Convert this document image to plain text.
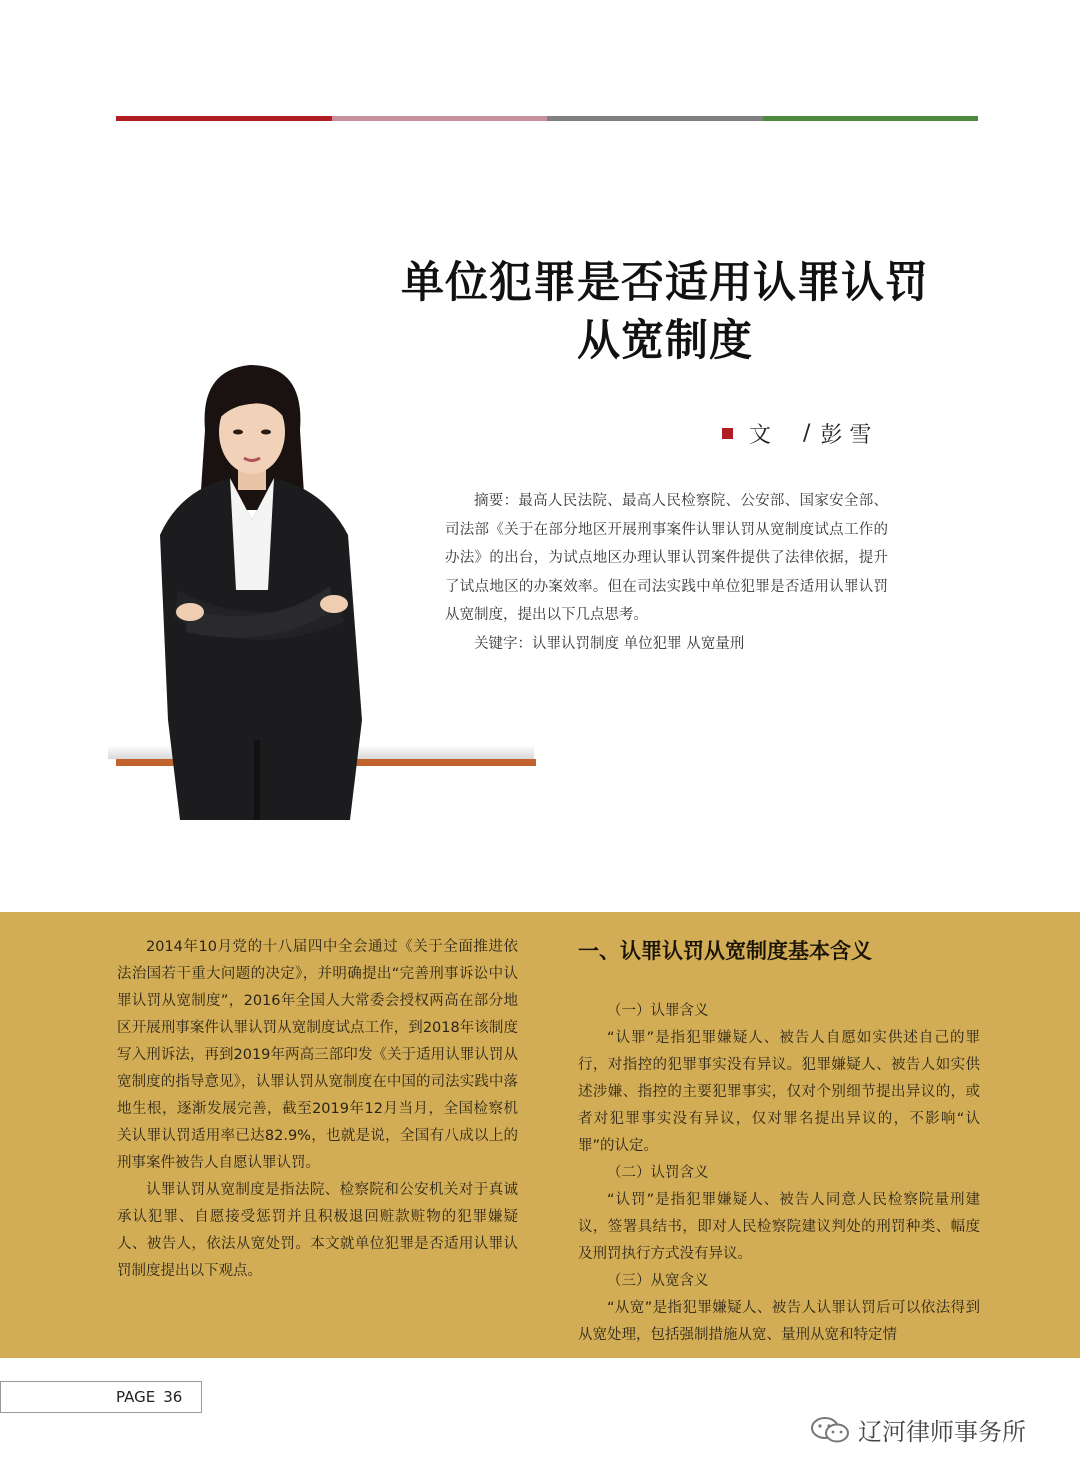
单位犯罪是否适用认罪认罚
从宽制度
文 / 彭 雪

摘要：最高人民法院、最高人民检察院、公安部、国家安全部、司法部《关于在部分地区开展刑事案件认罪认罚从宽制度试点工作的办法》的出台，为试点地区办理认罪认罚案件提供了法律依据，提升了试点地区的办案效率。但在司法实践中单位犯罪是否适用认罪认罚从宽制度，提出以下几点思考。

关键字：认罪认罚制度 单位犯罪 从宽量刑

2014年10月党的十八届四中全会通过《关于全面推进依法治国若干重大问题的决定》，并明确提出“完善刑事诉讼中认罪认罚从宽制度”，2016年全国人大常委会授权两高在部分地区开展刑事案件认罪认罚从宽制度试点工作，到2018年该制度写入刑诉法，再到2019年两高三部印发《关于适用认罪认罚从宽制度的指导意见》，认罪认罚从宽制度在中国的司法实践中落地生根，逐渐发展完善，截至2019年12月当月，全国检察机关认罪认罚适用率已达82.9%，也就是说，全国有八成以上的刑事案件被告人自愿认罪认罚。

认罪认罚从宽制度是指法院、检察院和公安机关对于真诚承认犯罪、自愿接受惩罚并且积极退回赃款赃物的犯罪嫌疑人、被告人，依法从宽处罚。本文就单位犯罪是否适用认罪认罚制度提出以下观点。

一、认罪认罚从宽制度基本含义

（一）认罪含义

“认罪”是指犯罪嫌疑人、被告人自愿如实供述自己的罪行，对指控的犯罪事实没有异议。犯罪嫌疑人、被告人如实供述涉嫌、指控的主要犯罪事实，仅对个别细节提出异议的，或者对犯罪事实没有异议，仅对罪名提出异议的，不影响“认罪”的认定。

（二）认罚含义

“认罚”是指犯罪嫌疑人、被告人同意人民检察院量刑建议，签署具结书，即对人民检察院建议判处的刑罚种类、幅度及刑罚执行方式没有异议。

（三）从宽含义

“从宽”是指犯罪嫌疑人、被告人认罪认罚后可以依法得到从宽处理，包括强制措施从宽、量刑从宽和特定情

PAGE 36
辽河律师事务所
